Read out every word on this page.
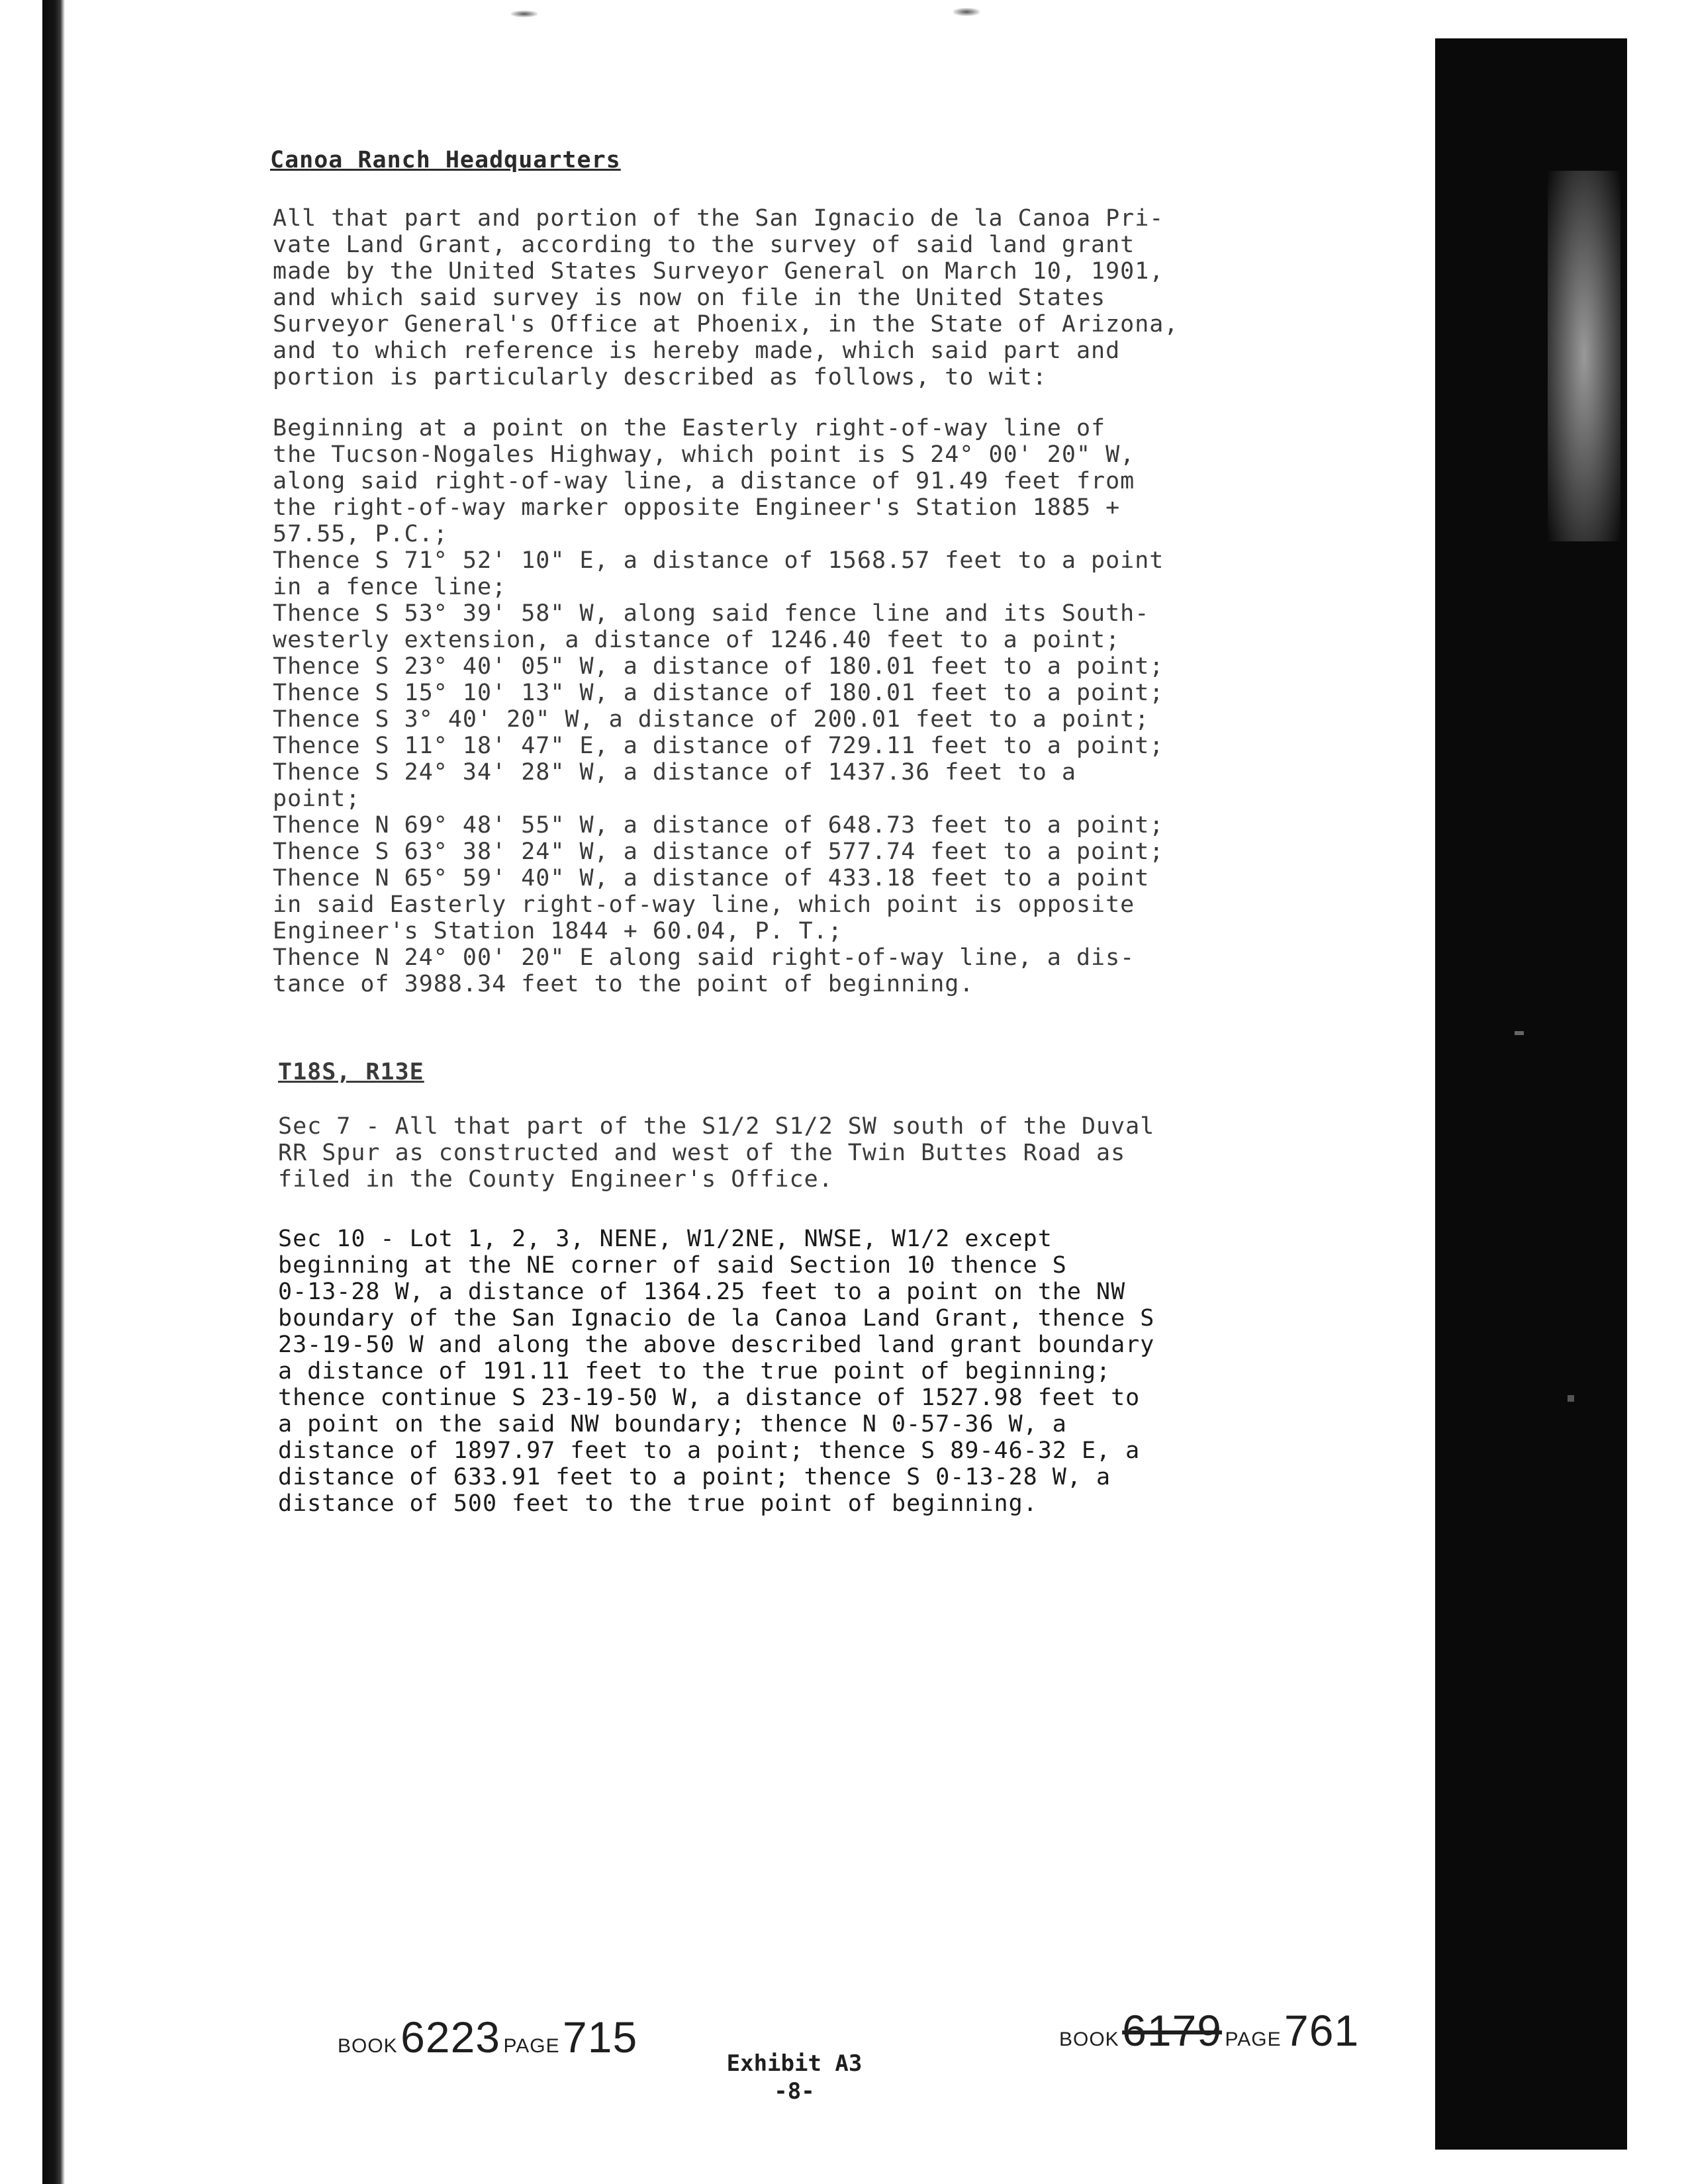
Canoa Ranch Headquarters

All that part and portion of the San Ignacio de la Canoa Pri-
vate Land Grant, according to the survey of said land grant
made by the United States Surveyor General on March 10, 1901,
and which said survey is now on file in the United States
Surveyor General's Office at Phoenix, in the State of Arizona,
and to which reference is hereby made, which said part and
portion is particularly described as follows, to wit:

Beginning at a point on the Easterly right-of-way line of
the Tucson-Nogales Highway, which point is S 24° 00' 20" W,
along said right-of-way line, a distance of 91.49 feet from
the right-of-way marker opposite Engineer's Station 1885 +
57.55, P.C.;
Thence S 71° 52' 10" E, a distance of 1568.57 feet to a point
in a fence line;
Thence S 53° 39' 58" W, along said fence line and its South-
westerly extension, a distance of 1246.40 feet to a point;
Thence S 23° 40' 05" W, a distance of 180.01 feet to a point;
Thence S 15° 10' 13" W, a distance of 180.01 feet to a point;
Thence S 3° 40' 20" W, a distance of 200.01 feet to a point;
Thence S 11° 18' 47" E, a distance of 729.11 feet to a point;
Thence S 24° 34' 28" W, a distance of 1437.36 feet to a
point;
Thence N 69° 48' 55" W, a distance of 648.73 feet to a point;
Thence S 63° 38' 24" W, a distance of 577.74 feet to a point;
Thence N 65° 59' 40" W, a distance of 433.18 feet to a point
in said Easterly right-of-way line, which point is opposite
Engineer's Station 1844 + 60.04, P. T.;
Thence N 24° 00' 20" E along said right-of-way line, a dis-
tance of 3988.34 feet to the point of beginning.

T18S, R13E

Sec 7 - All that part of the S1/2 S1/2 SW south of the Duval
RR Spur as constructed and west of the Twin Buttes Road as
filed in the County Engineer's Office.

Sec 10 - Lot 1, 2, 3, NENE, W1/2NE, NWSE, W1/2 except
beginning at the NE corner of said Section 10 thence S
0-13-28 W, a distance of 1364.25 feet to a point on the NW
boundary of the San Ignacio de la Canoa Land Grant, thence S
23-19-50 W and along the above described land grant boundary
a distance of 191.11 feet to the true point of beginning;
thence continue S 23-19-50 W, a distance of 1527.98 feet to
a point on the said NW boundary; thence N 0-57-36 W, a
distance of 1897.97 feet to a point; thence S 89-46-32 E, a
distance of 633.91 feet to a point; thence S 0-13-28 W, a
distance of 500 feet to the true point of beginning.

BOOK 6223 PAGE 715

Exhibit A3

-8-

BOOK 6179 PAGE 761
